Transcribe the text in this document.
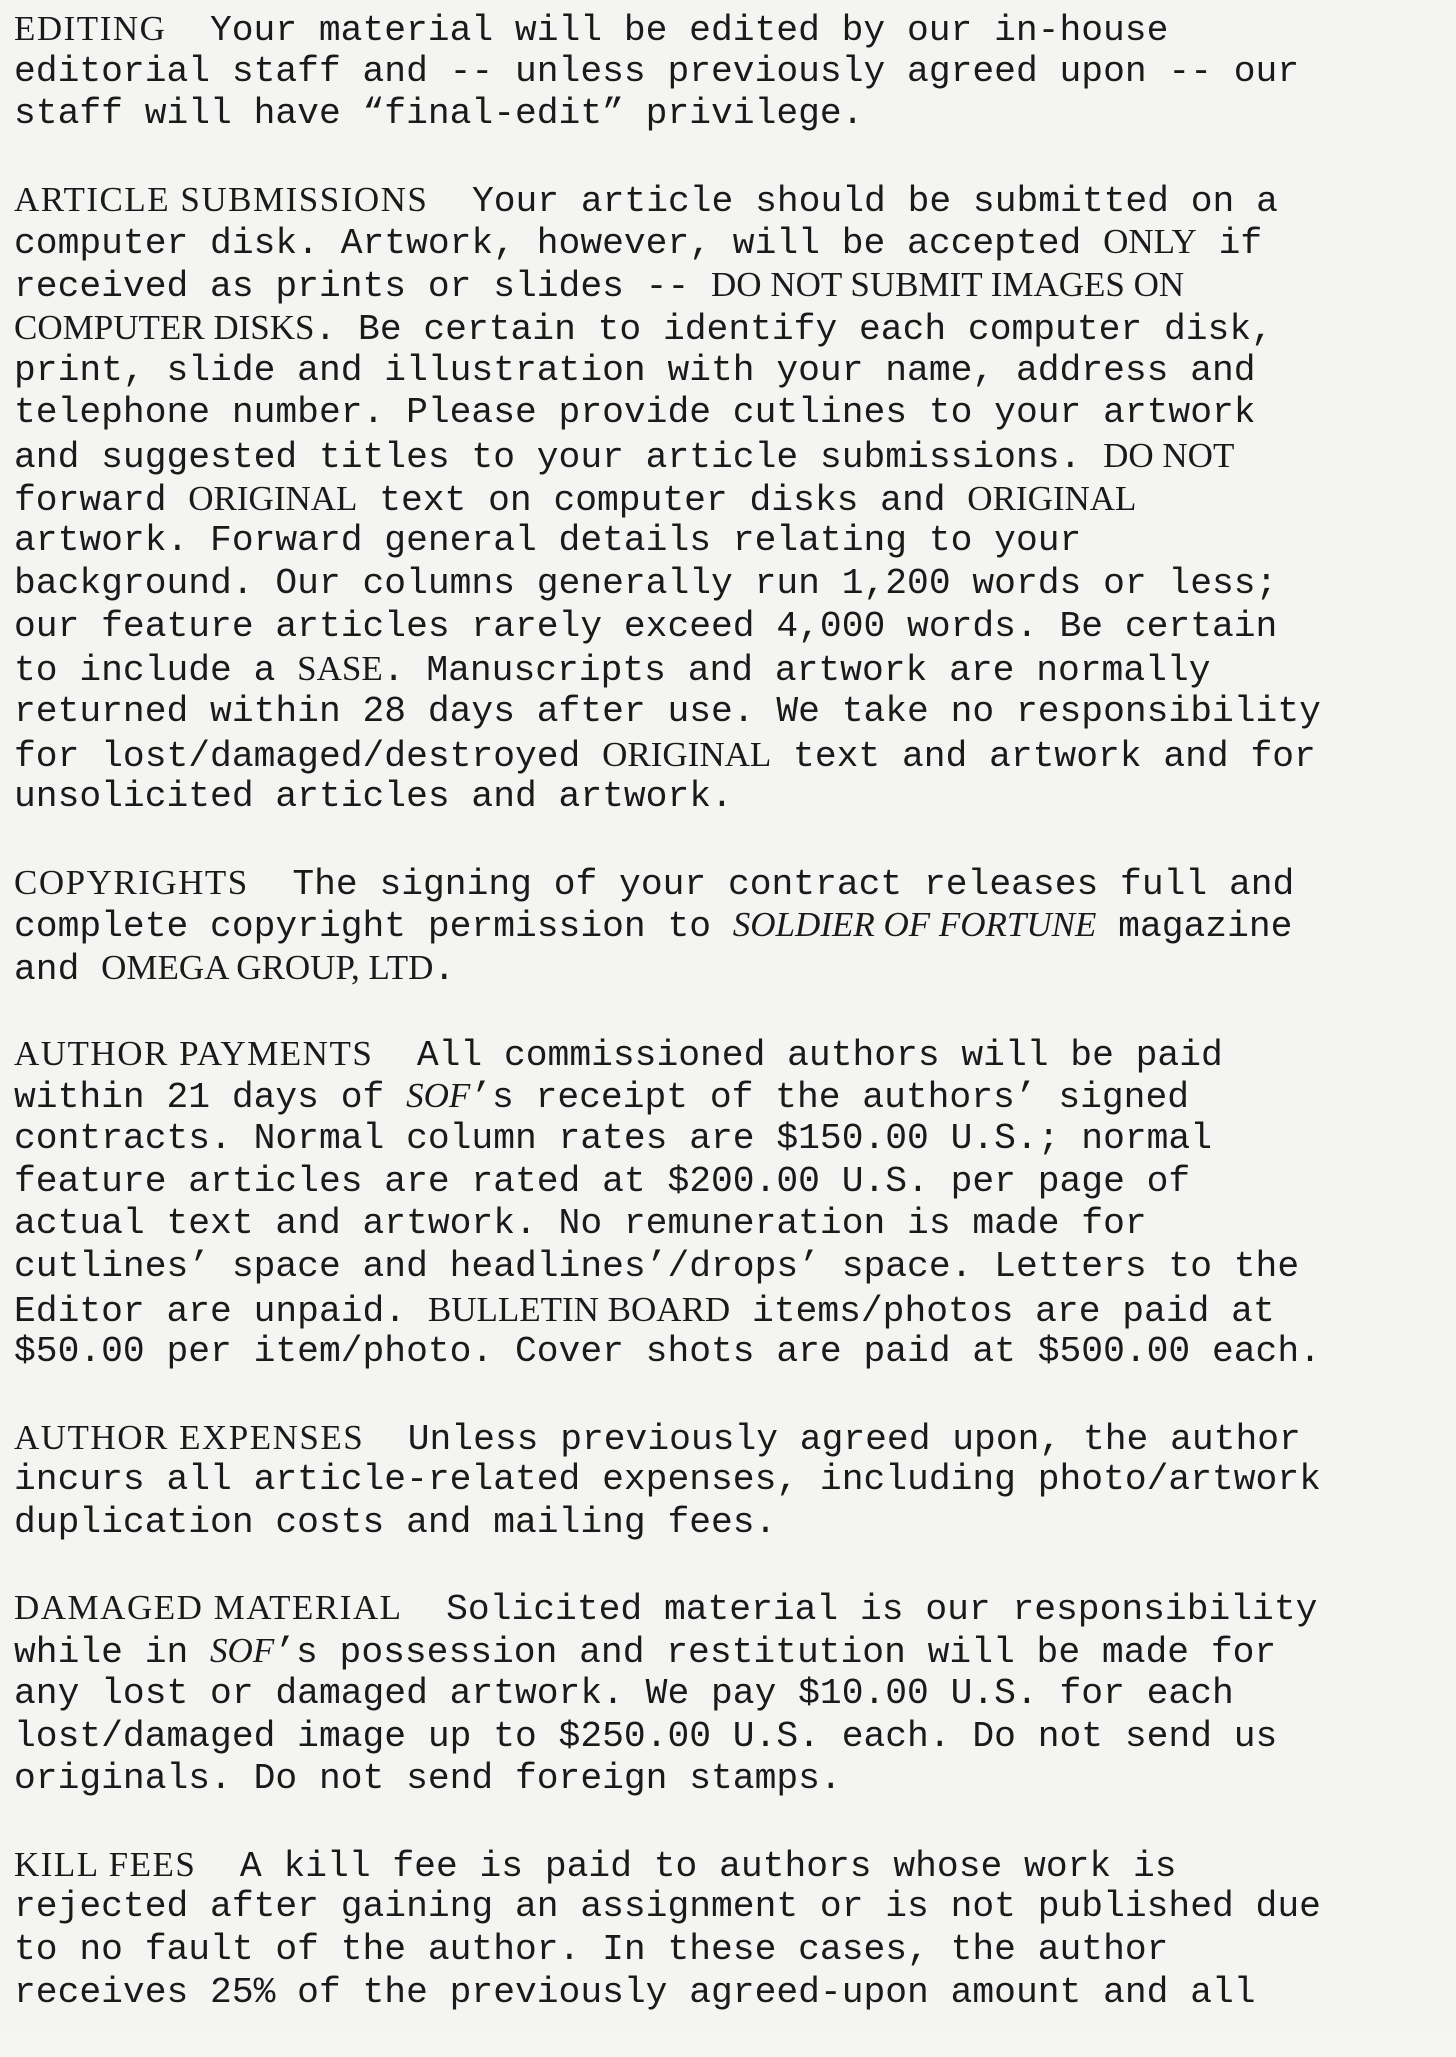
EDITING  Your material will be edited by our in-house
editorial staff and -- unless previously agreed upon -- our
staff will have “final-edit” privilege.
ARTICLE SUBMISSIONS  Your article should be submitted on a
computer disk. Artwork, however, will be accepted ONLY if
received as prints or slides -- DO NOT SUBMIT IMAGES ON
COMPUTER DISKS. Be certain to identify each computer disk,
print, slide and illustration with your name, address and
telephone number. Please provide cutlines to your artwork
and suggested titles to your article submissions. DO NOT
forward ORIGINAL text on computer disks and ORIGINAL
artwork. Forward general details relating to your
background. Our columns generally run 1,200 words or less;
our feature articles rarely exceed 4,000 words. Be certain
to include a SASE. Manuscripts and artwork are normally
returned within 28 days after use. We take no responsibility
for lost/damaged/destroyed ORIGINAL text and artwork and for
unsolicited articles and artwork.
COPYRIGHTS  The signing of your contract releases full and
complete copyright permission to SOLDIER OF FORTUNE magazine
and OMEGA GROUP, LTD.
AUTHOR PAYMENTS  All commissioned authors will be paid
within 21 days of SOF’s receipt of the authors’ signed
contracts. Normal column rates are $150.00 U.S.; normal
feature articles are rated at $200.00 U.S. per page of
actual text and artwork. No remuneration is made for
cutlines’ space and headlines’/drops’ space. Letters to the
Editor are unpaid. BULLETIN BOARD items/photos are paid at
$50.00 per item/photo. Cover shots are paid at $500.00 each.
AUTHOR EXPENSES  Unless previously agreed upon, the author
incurs all article-related expenses, including photo/artwork
duplication costs and mailing fees.
DAMAGED MATERIAL  Solicited material is our responsibility
while in SOF’s possession and restitution will be made for
any lost or damaged artwork. We pay $10.00 U.S. for each
lost/damaged image up to $250.00 U.S. each. Do not send us
originals. Do not send foreign stamps.
KILL FEES  A kill fee is paid to authors whose work is
rejected after gaining an assignment or is not published due
to no fault of the author. In these cases, the author
receives 25% of the previously agreed-upon amount and all
